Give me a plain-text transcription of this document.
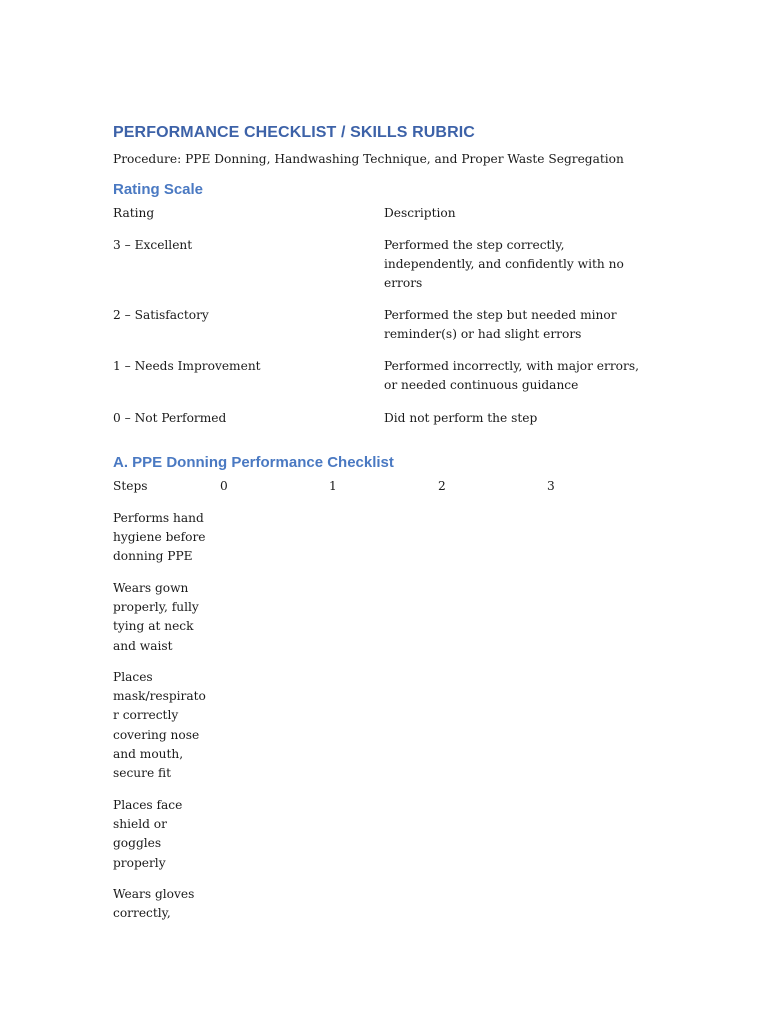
PERFORMANCE CHECKLIST / SKILLS RUBRIC
Procedure: PPE Donning, Handwashing Technique, and Proper Waste Segregation
Rating Scale
Rating	Description
3 – Excellent	Performed the step correctly, independently, and confidently with no errors
2 – Satisfactory	Performed the step but needed minor reminder(s) or had slight errors
1 – Needs Improvement	Performed incorrectly, with major errors, or needed continuous guidance
0 – Not Performed	Did not perform the step
A. PPE Donning Performance Checklist
Steps	0	1	2	3
Performs hand hygiene before donning PPE
Wears gown properly, fully tying at neck and waist
Places mask/respirator correctly covering nose and mouth, secure fit
Places face shield or goggles properly
Wears gloves correctly,
